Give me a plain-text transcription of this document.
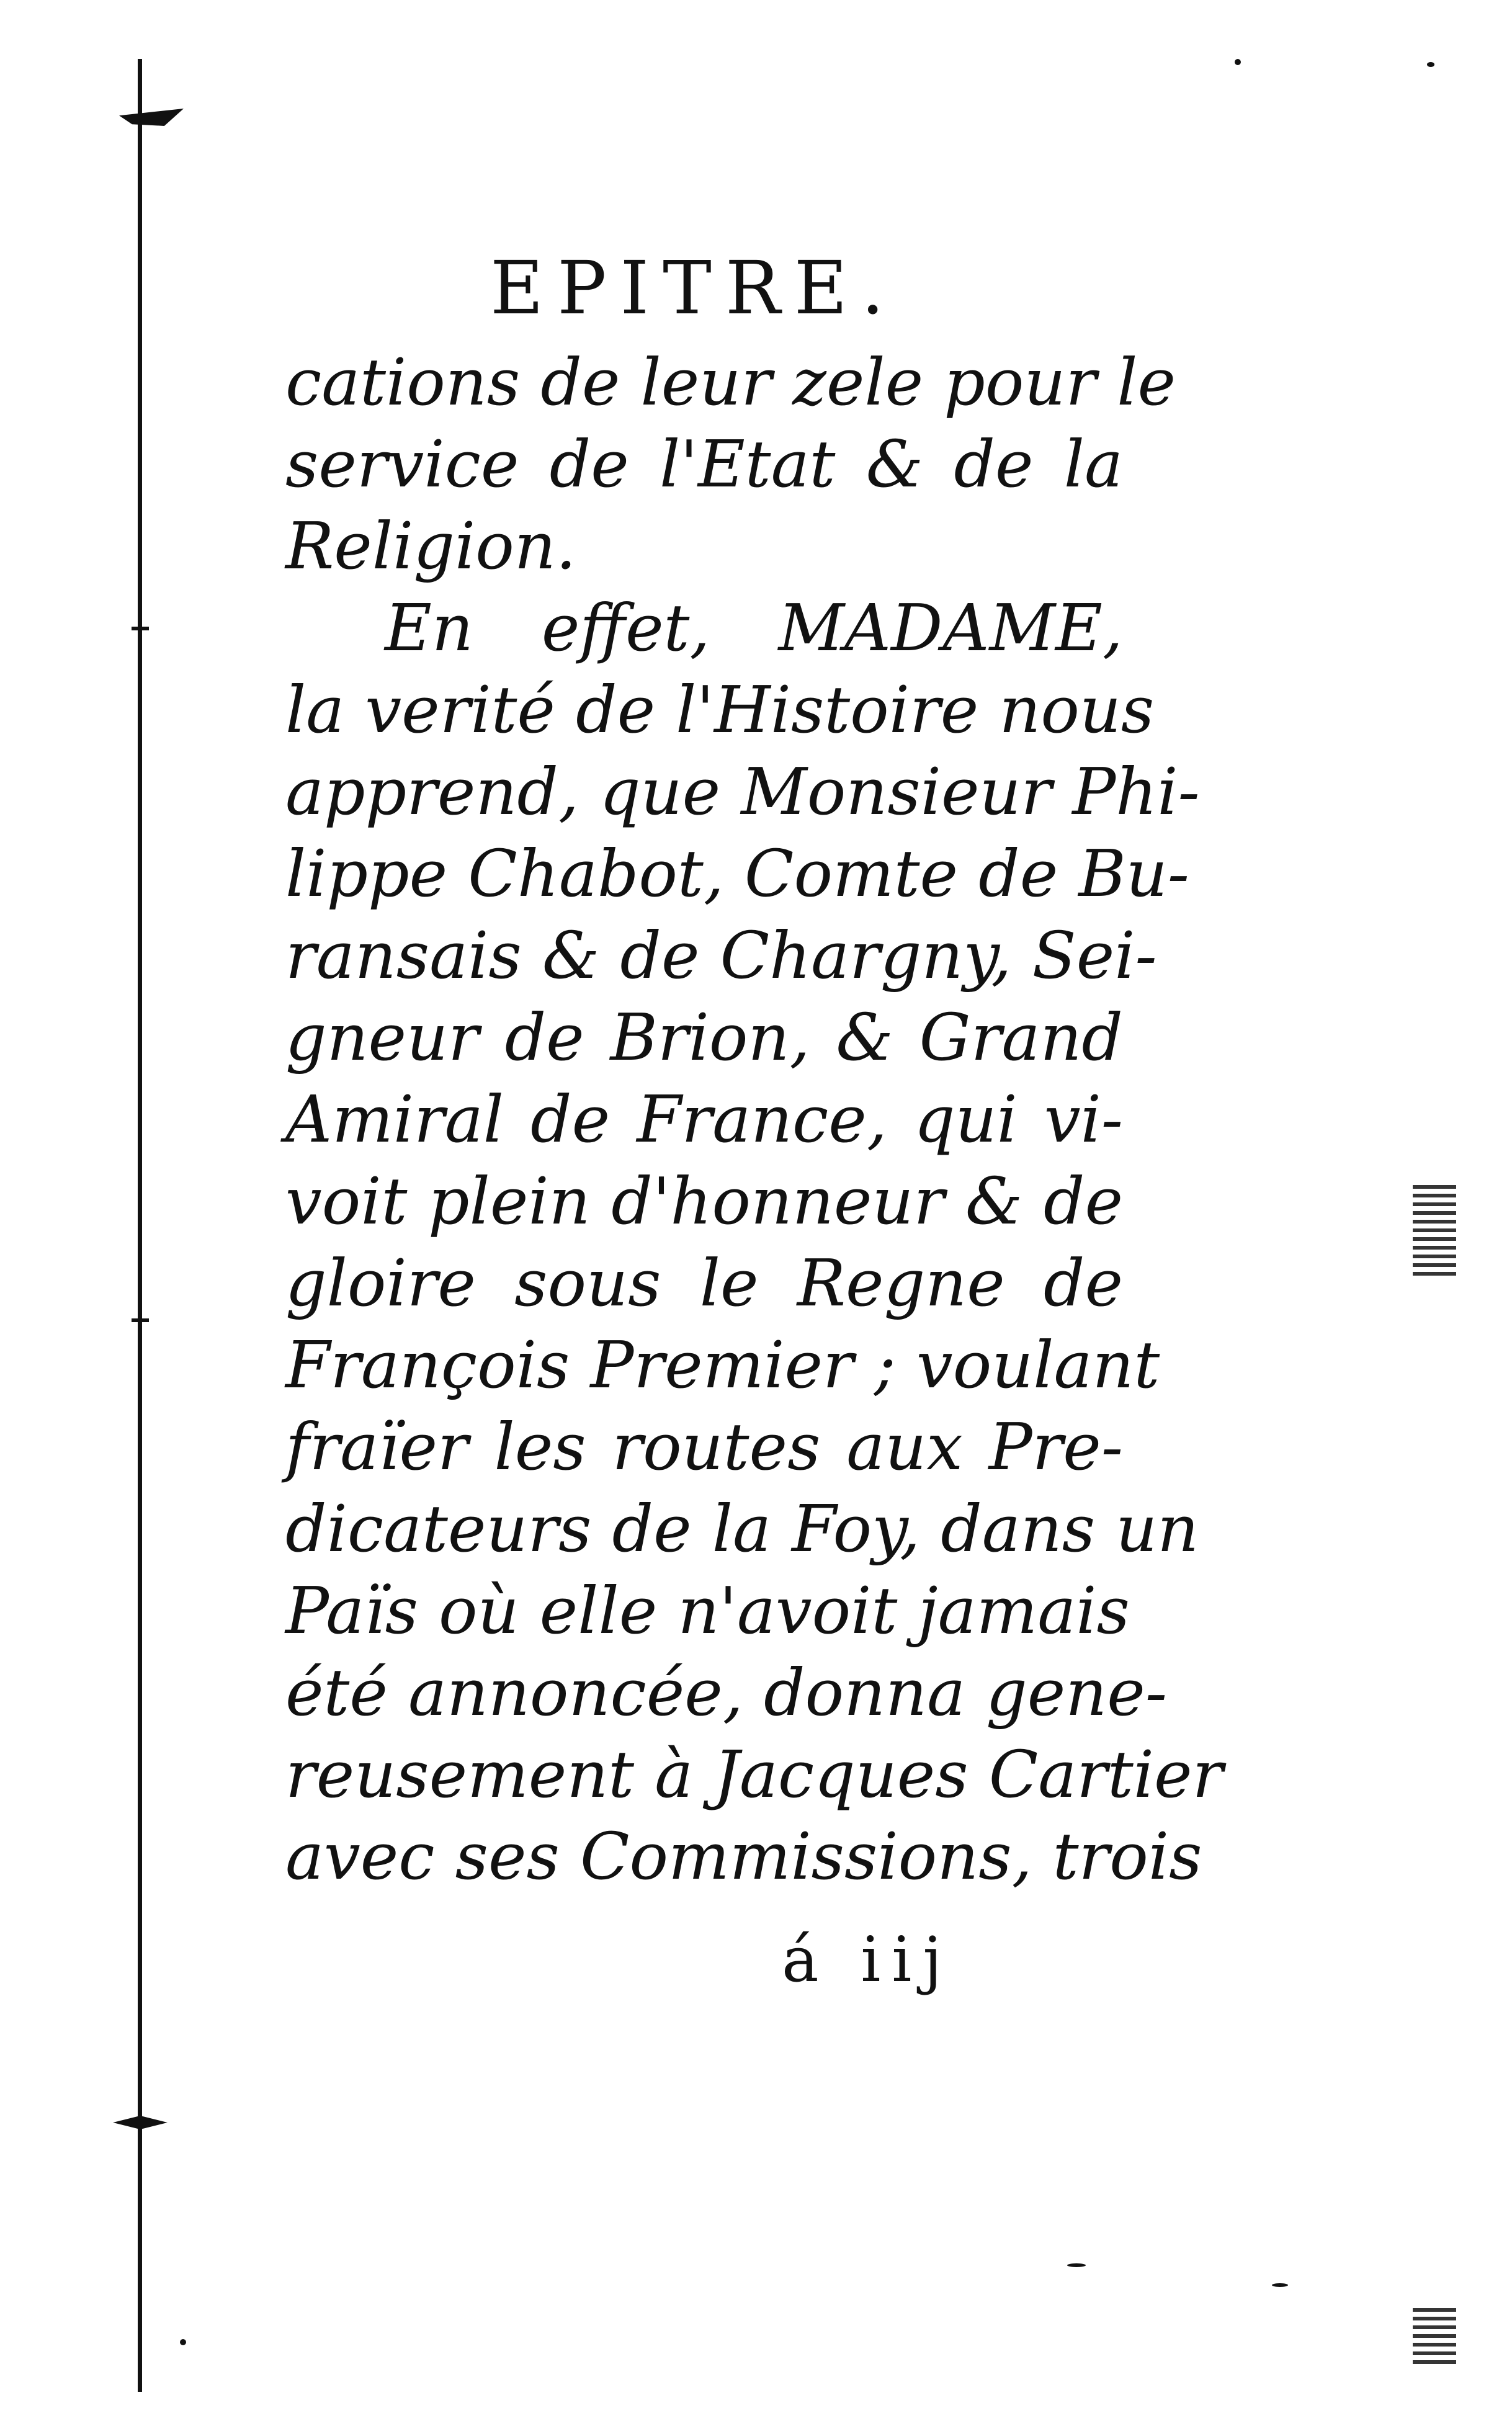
EPITRE.
cations de leur zele pour le
service de l'Etat & de la
Religion.
En effet, MADAME,
la verité de l'Histoire nous
apprend, que Monsieur Phi-
lippe Chabot, Comte de Bu-
ransais & de Chargny, Sei-
gneur de Brion, & Grand
Amiral de France, qui vi-
voit plein d'honneur & de
gloire sous le Regne de
François Premier ; voulant
fraïer les routes aux Pre-
dicateurs de la Foy, dans un
Païs où elle n'avoit jamais
été annoncée, donna gene-
reusement à Jacques Cartier
avec ses Commissions, trois
á iij
